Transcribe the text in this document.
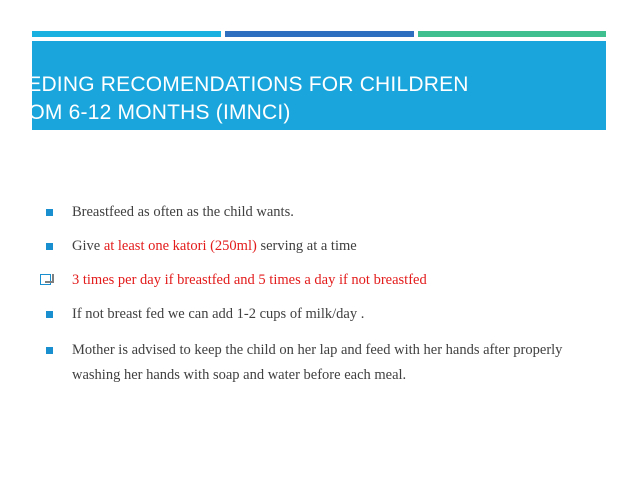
FEEDING RECOMENDATIONS FOR CHILDREN
FROM 6-12 MONTHS (IMNCI)
Breastfeed as often as the child wants.
Give at least one katori (250ml) serving at a time
3 times per day if breastfed and 5 times a day if not breastfed
If not breast fed we can add 1-2 cups of milk/day .
Mother is advised to keep the child on her lap and feed with her hands after properly washing her hands with soap and water before each meal.
